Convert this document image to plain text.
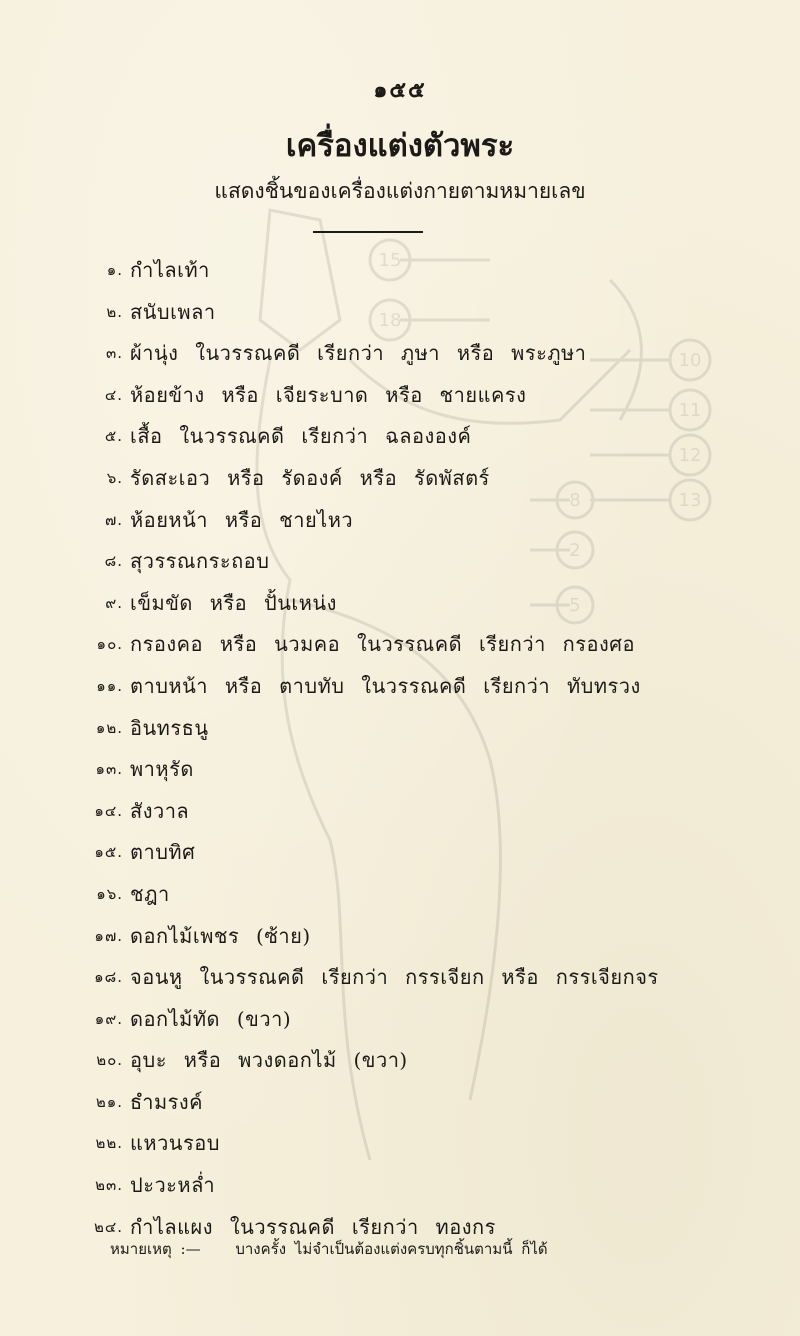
15
18
10
11
12
13
8
2
5
๑๕๕
เครื่องแต่งตัวพระ
แสดงชิ้นของเครื่องแต่งกายตามหมายเลข
๑. กำไลเท้า
๒. สนับเพลา
๓. ผ้านุ่ง ในวรรณคดี เรียกว่า ภูษา หรือ พระภูษา
๔. ห้อยข้าง หรือ เจียระบาด หรือ ชายแครง
๕. เสื้อ ในวรรณคดี เรียกว่า ฉลององค์
๖. รัดสะเอว หรือ รัดองค์ หรือ รัดพัสตร์
๗. ห้อยหน้า หรือ ชายไหว
๘. สุวรรณกระถอบ
๙. เข็มขัด หรือ ปั้นเหน่ง
๑๐. กรองคอ หรือ นวมคอ ในวรรณคดี เรียกว่า กรองศอ
๑๑. ตาบหน้า หรือ ตาบทับ ในวรรณคดี เรียกว่า ทับทรวง
๑๒. อินทรธนู
๑๓. พาหุรัด
๑๔. สังวาล
๑๕. ตาบทิศ
๑๖. ชฎา
๑๗. ดอกไม้เพชร (ซ้าย)
๑๘. จอนหู ในวรรณคดี เรียกว่า กรรเจียก หรือ กรรเจียกจร
๑๙. ดอกไม้ทัด (ขวา)
๒๐. อุบะ หรือ พวงดอกไม้ (ขวา)
๒๑. ธำมรงค์
๒๒. แหวนรอบ
๒๓. ปะวะหล่ำ
๒๔. กำไลแผง ในวรรณคดี เรียกว่า ทองกร
หมายเหตุ :— บางครั้ง ไม่จำเป็นต้องแต่งครบทุกชิ้นตามนี้ ก็ได้
